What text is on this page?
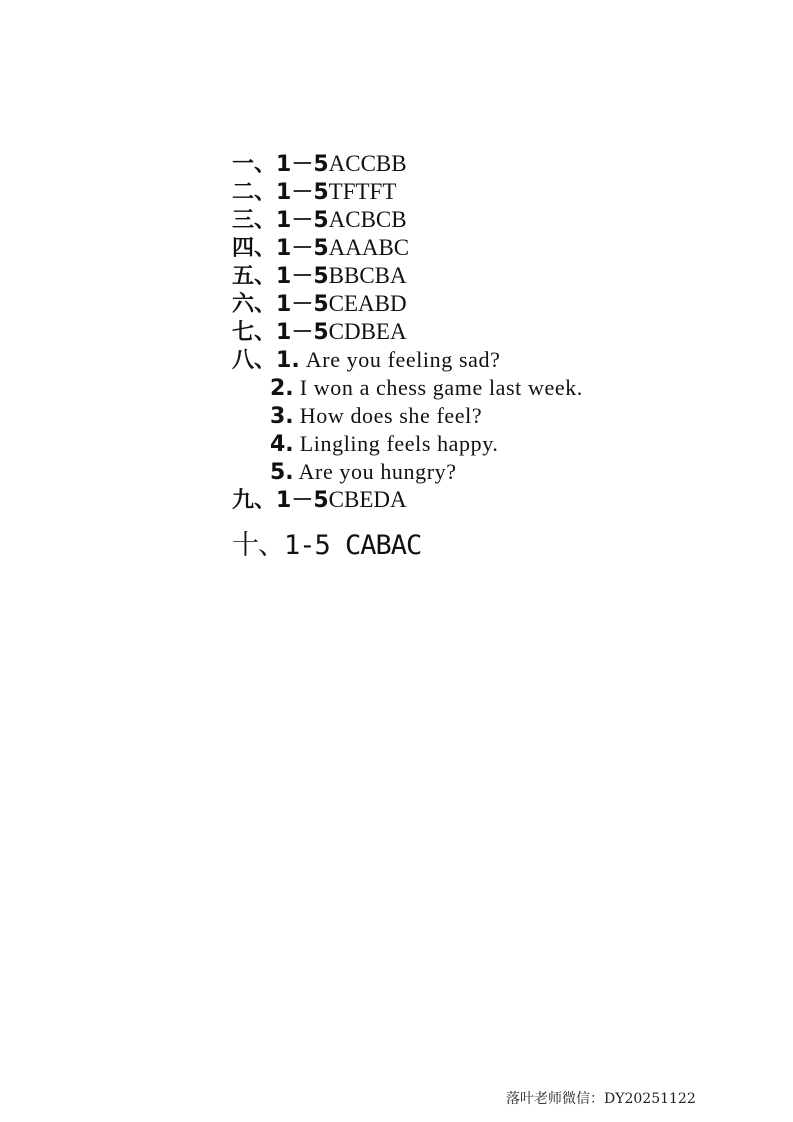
一、1－5ACCBB
二、1－5TFTFT
三、1－5ACBCB
四、1－5AAABC
五、1－5BBCBA
六、1－5CEABD
七、1－5CDBEA
八、1. Are you feeling sad?
2. I won a chess game last week.
3. How does she feel?
4. Lingling feels happy.
5. Are you hungry?
九、1－5CBEDA
十、1-5 CABAC
落叶老师微信：DY20251122
